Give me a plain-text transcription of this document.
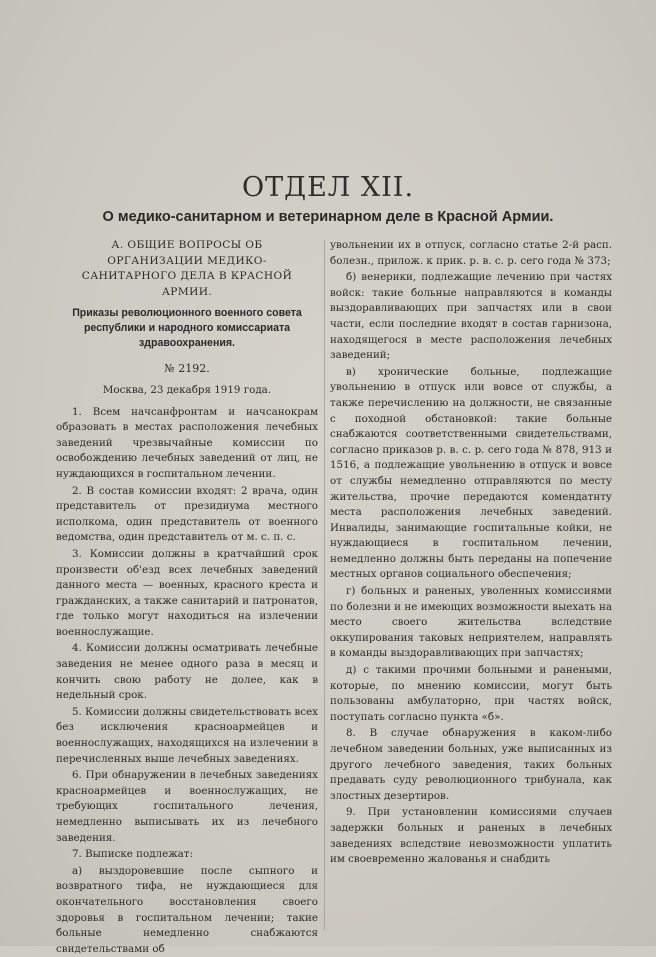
ОТДЕЛ XII.
О медико-санитарном и ветеринарном деле в Красной Армии.
А. ОБЩИЕ ВОПРОСЫ ОБ ОРГАНИЗАЦИИ МЕДИКО-САНИТАРНОГО ДЕЛА В КРАСНОЙ АРМИИ.
Приказы революционного военного совета республики и народного комиссариата здравоохранения.
№ 2192.
Москва, 23 декабря 1919 года.

1. Всем начсанфронтам и начсанокрам образовать в местах расположения лечебных заведений чрезвычайные комиссии по освобождению лечебных заведений от лиц, не нуждающихся в госпитальном лечении.

2. В состав комиссии входят: 2 врача, один представитель от президиума местного исполкома, один представитель от военного ведомства, один представитель от м. с. п. с.

3. Комиссии должны в кратчайший срок произвести об'езд всех лечебных заведений данного места — военных, красного креста и гражданских, а также санитарий и патронатов, где только могут находиться на излечении военнослужащие.

4. Комиссии должны осматривать лечебные заведения не менее одного раза в месяц и кончить свою работу не долее, как в недельный срок.

5. Комиссии должны свидетельствовать всех без исключения красноармейцев и военнослужащих, находящихся на излечении в перечисленных выше лечебных заведениях.

6. При обнаружении в лечебных заведениях красноармейцев и военнослужащих, не требующих госпитального лечения, немедленно выписывать их из лечебного заведения.

7. Выписке подлежат:

а) выздоровевшие после сыпного и возвратного тифа, не нуждающиеся для окончательного восстановления своего здоровья в госпитальном лечении; такие больные немедленно снабжаются свидетельствами об

увольнении их в отпуск, согласно статье 2-й расп. болезн., прилож. к прик. р. в. с. р. сего года № 373;

б) венерики, подлежащие лечению при частях войск: такие больные направляются в команды выздоравливающих при запчастях или в свои части, если последние входят в состав гарнизона, находящегося в месте расположения лечебных заведений;

в) хронические больные, подлежащие увольнению в отпуск или вовсе от службы, а также перечислению на должности, не связанные с походной обстановкой: такие больные снабжаются соответственными свидетельствами, согласно приказов р. в. с. р. сего года № 878, 913 и 1516, а подлежащие увольнению в отпуск и вовсе от службы немедленно отправляются по месту жительства, прочие передаются комендатнту места расположения лечебных заведений. Инвалиды, занимающие госпитальные койки, не нуждающиеся в госпитальном лечении, немедленно должны быть переданы на попечение местных органов социального обеспечения;

г) больных и раненых, уволенных комиссиями по болезни и не имеющих возможности выехать на место своего жительства вследствие оккупирования таковых неприятелем, направлять в команды выздоравливающих при запчастях;

д) с такими прочими больными и ранеными, которые, по мнению комиссии, могут быть пользованы амбулаторно, при частях войск, поступать согласно пункта «б».

8. В случае обнаружения в каком-либо лечебном заведении больных, уже выписанных из другого лечебного заведения, таких больных предавать суду революционного трибунала, как злостных дезертиров.

9. При установлении комиссиями случаев задержки больных и раненых в лечебных заведениях вследствие невозможности уплатить им своевременно жалованья и снабдить
